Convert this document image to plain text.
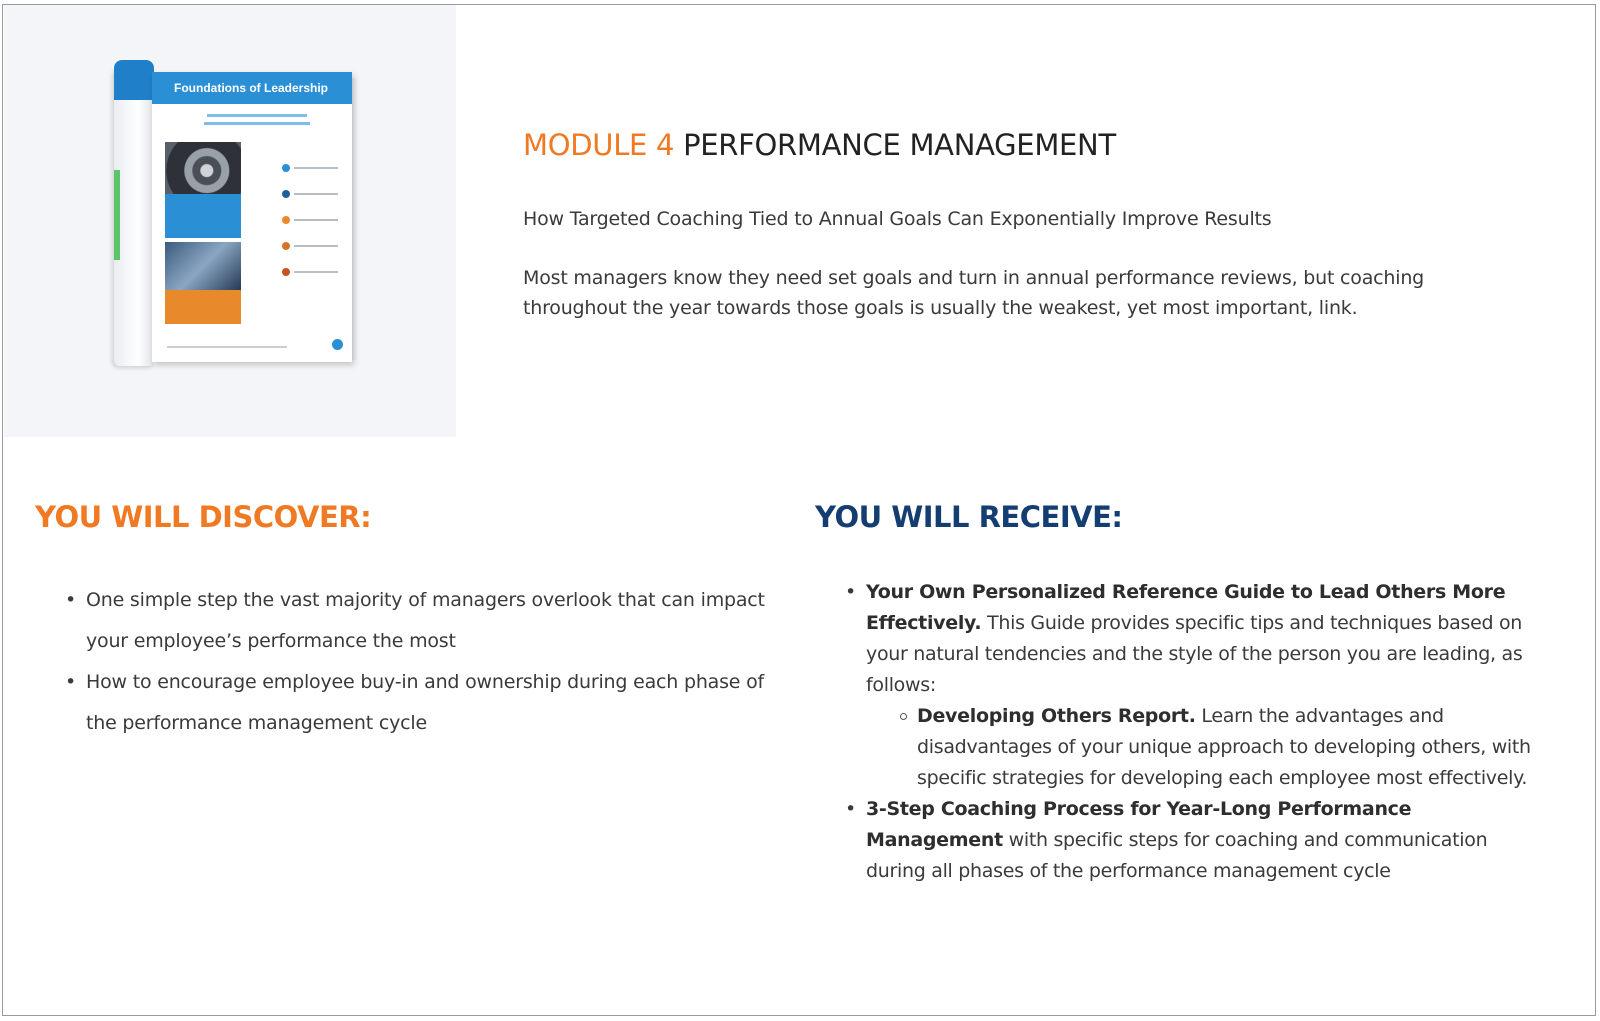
Foundations of Leadership
MODULE 4 PERFORMANCE MANAGEMENT

How Targeted Coaching Tied to Annual Goals Can Exponentially Improve Results

Most managers know they need set goals and turn in annual performance reviews, but coaching throughout the year towards those goals is usually the weakest, yet most important, link.

YOU WILL DISCOVER:
• One simple step the vast majority of managers overlook that can impact your employee’s performance the most
• How to encourage employee buy-in and ownership during each phase of the performance management cycle
YOU WILL RECEIVE:
• Your Own Personalized Reference Guide to Lead Others More Effectively. This Guide provides specific tips and techniques based on your natural tendencies and the style of the person you are leading, as follows:
Developing Others Report. Learn the advantages and disadvantages of your unique approach to developing others, with specific strategies for developing each employee most effectively.
• 3-Step Coaching Process for Year-Long Performance Management with specific steps for coaching and communication during all phases of the performance management cycle
